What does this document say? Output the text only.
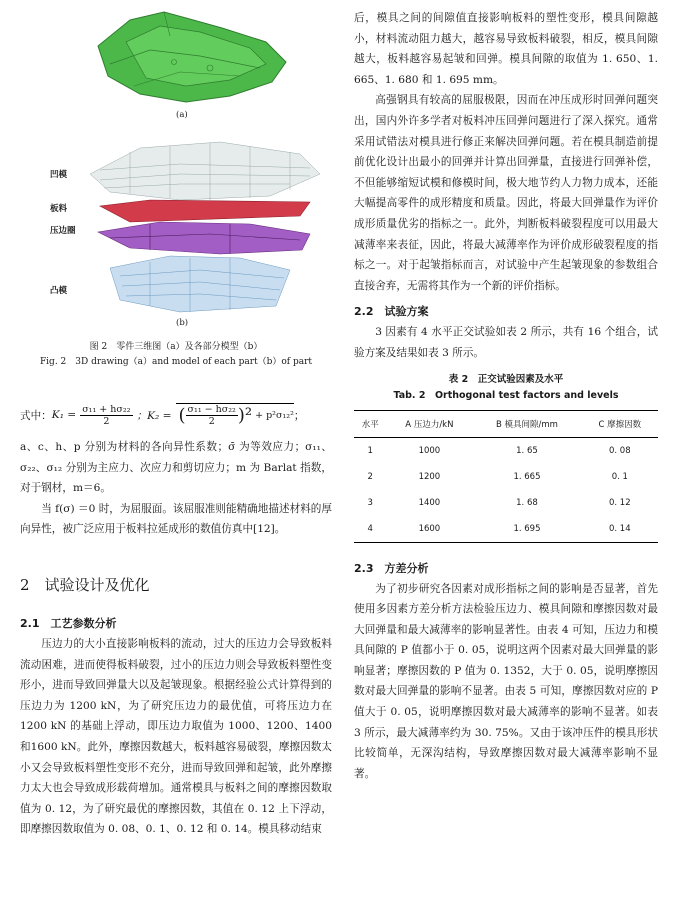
(a)
凹模
板料
压边圈
凸模
(b)
图 2　零件三维图（a）及各部分模型（b）
Fig. 2　3D drawing（a）and model of each part（b）of part
式中： $K_1 = \frac{\text{σ₁₁ + hσ₂₂}}{2}$ ；K₂ = ( $\frac{\text{σ₁₁ − hσ₂₂}}{2} )^2 + p^2\sigma_{12}^2$ ；

a、c、h、p 分别为材料的各向异性系数；σ̄ 为等效应力；σ₁₁、σ₂₂、σ₁₂ 分别为主应力、次应力和剪切应力；m 为 Barlat 指数，对于钢材，m＝6。

当 f(σ) ＝0 时，为屈服面。该屈服准则能精确地描述材料的厚向异性，被广泛应用于板料拉延成形的数值仿真中[12]。

2　试验设计及优化
2.1　工艺参数分析

压边力的大小直接影响板料的流动，过大的压边力会导致板料流动困难，进而使得板料破裂，过小的压边力则会导致板料塑性变形小，进而导致回弹量大以及起皱现象。根据经验公式计算得到的压边力为 1200 kN，为了研究压边力的最优值，可将压边力在 1200 kN 的基础上浮动，即压边力取值为 1000、1200、1400 和1600 kN。此外，摩擦因数越大，板料越容易破裂，摩擦因数太小又会导致板料塑性变形不充分，进而导致回弹和起皱，此外摩擦力太大也会导致成形载荷增加。通常模具与板料之间的摩擦因数取值为 0. 12，为了研究最优的摩擦因数，其值在 0. 12 上下浮动，即摩擦因数取值为 0. 08、0. 1、0. 12 和 0. 14。模具移动结束

后，模具之间的间隙值直接影响板料的塑性变形，模具间隙越小，材料流动阻力越大，越容易导致板料破裂，相反，模具间隙越大，板料越容易起皱和回弹。模具间隙的取值为 1. 650、1. 665、1. 680 和 1. 695 mm。

高强钢具有较高的屈服极限，因而在冲压成形时回弹问题突出，国内外许多学者对板料冲压回弹问题进行了深入探究。通常采用试错法对模具进行修正来解决回弹问题。若在模具制造前提前优化设计出最小的回弹并计算出回弹量，直接进行回弹补偿，不但能够缩短试模和修模时间，极大地节约人力物力成本，还能大幅提高零件的成形精度和质量。因此，将最大回弹量作为评价成形质量优劣的指标之一。此外，判断板料破裂程度可以用最大减薄率来表征，因此，将最大减薄率作为评价成形破裂程度的指标之一。对于起皱指标而言，对试验中产生起皱现象的参数组合直接舍弃，无需将其作为一个新的评价指标。

2.2　试验方案

3 因素有 4 水平正交试验如表 2 所示，共有 16 个组合，试验方案及结果如表 3 所示。

表 2　正交试验因素及水平
Tab. 2　Orthogonal test factors and levels
水平	A 压边力/kN	B 模具间隙/mm	C 摩擦因数
1	1000	1. 65	0. 08
2	1200	1. 665	0. 1
3	1400	1. 68	0. 12
4	1600	1. 695	0. 14
2.3　方差分析

为了初步研究各因素对成形指标之间的影响是否显著，首先使用多因素方差分析方法检验压边力、模具间隙和摩擦因数对最大回弹量和最大减薄率的影响显著性。由表 4 可知，压边力和模具间隙的 P 值都小于 0. 05，说明这两个因素对最大回弹量的影响显著；摩擦因数的 P 值为 0. 1352，大于 0. 05，说明摩擦因数对最大回弹量的影响不显著。由表 5 可知，摩擦因数对应的 P 值大于 0. 05，说明摩擦因数对最大减薄率的影响不显著。如表 3 所示，最大减薄率约为 30. 75%。又由于该冲压件的模具形状比较简单，无深沟结构，导致摩擦因数对最大减薄率影响不显著。
